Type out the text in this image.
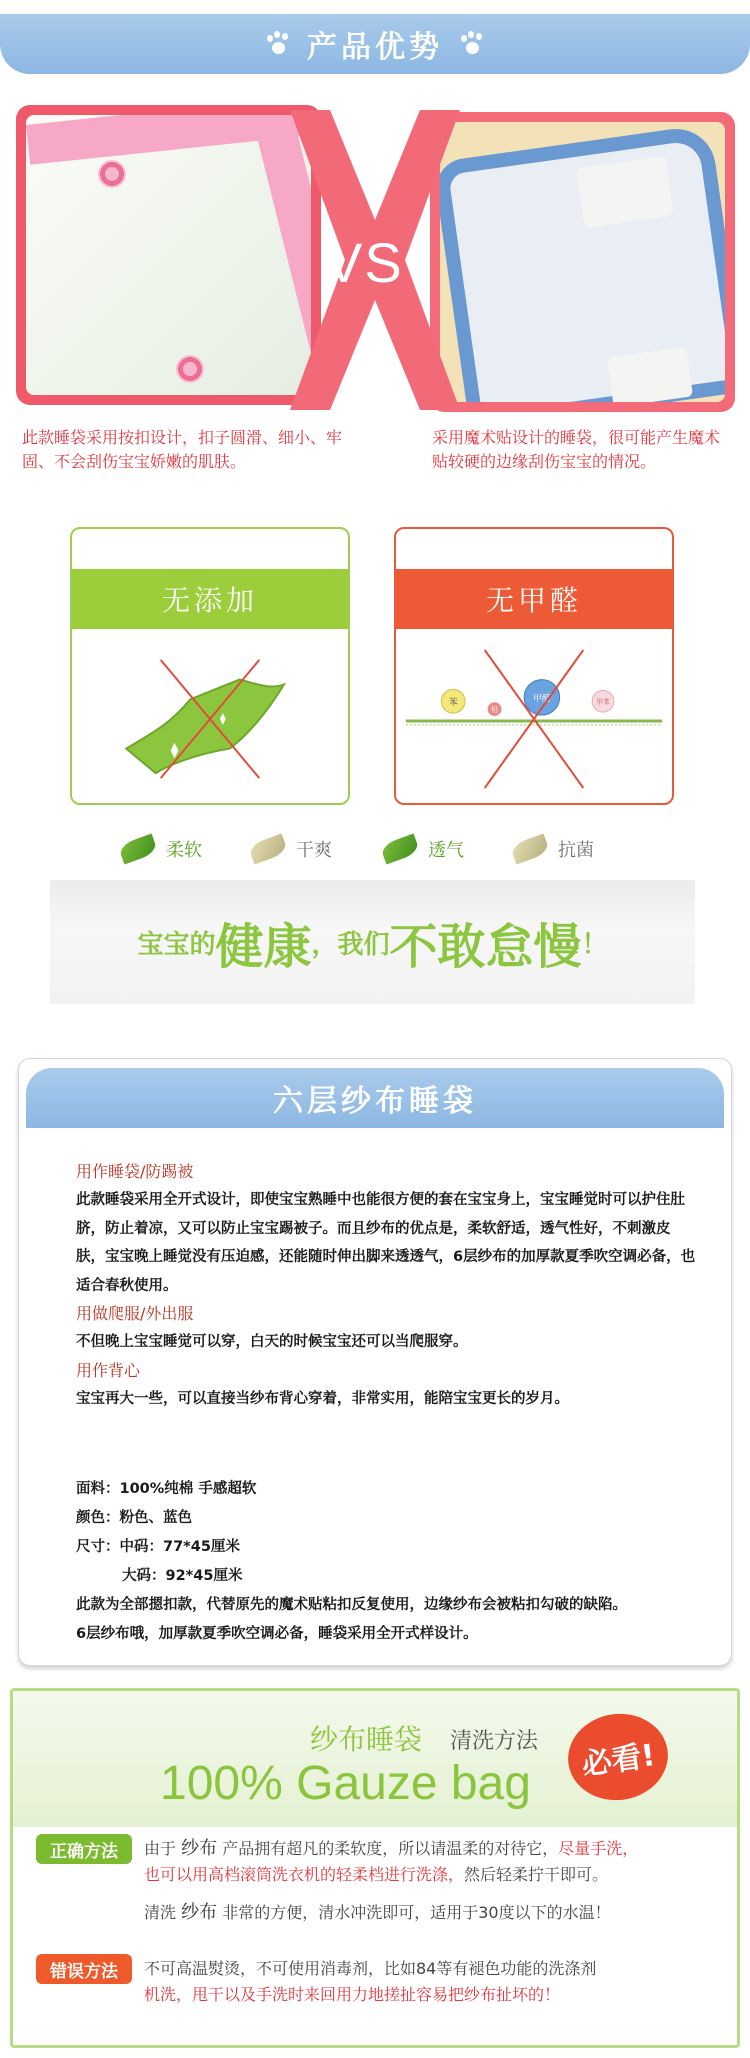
产品优势
VS
此款睡袋采用按扣设计，扣子圆滑、细小、牢固、不会刮伤宝宝娇嫩的肌肤。
采用魔术贴设计的睡袋，很可能产生魔术贴较硬的边缘刮伤宝宝的情况。
无添加	无甲醛
苯
铅
甲醛	甲苯
柔软	干爽	透气	抗菌
宝宝的 健康 ，我们 不敢怠慢 ！
六层纱布睡袋
用作睡袋/防踢被
此款睡袋采用全开式设计，即使宝宝熟睡中也能很方便的套在宝宝身上，宝宝睡觉时可以护住肚脐，防止着凉，又可以防止宝宝踢被子。而且纱布的优点是，柔软舒适，透气性好，不刺激皮肤，宝宝晚上睡觉没有压迫感，还能随时伸出脚来透透气，6层纱布的加厚款夏季吹空调必备，也适合春秋使用。
用做爬服/外出服
不但晚上宝宝睡觉可以穿，白天的时候宝宝还可以当爬服穿。
用作背心
宝宝再大一些，可以直接当纱布背心穿着，非常实用，能陪宝宝更长的岁月。
面料：100%纯棉 手感超软
颜色：粉色、蓝色
尺寸：中码：77*45厘米
大码：92*45厘米
此款为全部摁扣款，代替原先的魔术贴粘扣反复使用，边缘纱布会被粘扣勾破的缺陷。
6层纱布哦，加厚款夏季吹空调必备，睡袋采用全开式样设计。
纱布睡袋 清洗方法
100% Gauze bag	必看!
正确方法	由于 纱布 产品拥有超凡的柔软度，所以请温柔的对待它，尽量手洗，
也可以用高档滚筒洗衣机的轻柔档进行洗涤，然后轻柔拧干即可。
清洗 纱布 非常的方便，清水冲洗即可，适用于30度以下的水温！
错误方法	不可高温熨烫，不可使用消毒剂，比如84等有褪色功能的洗涤剂
机洗，甩干以及手洗时来回用力地搓扯容易把纱布扯坏的！
